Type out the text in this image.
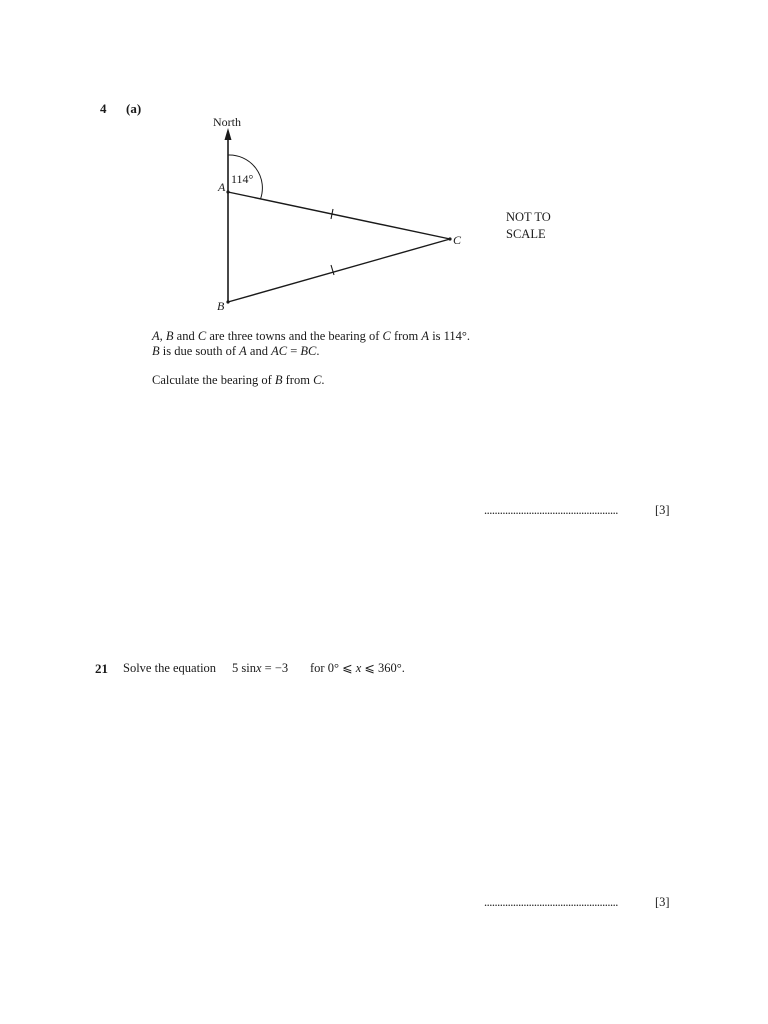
4 (a)
North
114°
A
B
C
NOT TO
SCALE
A, B and C are three towns and the bearing of C from A is 114°.
B is due south of A and AC = BC.
Calculate the bearing of B from C.
...................................................	[3]
21 Solve the equation 5 sinx = −3 for 0° ⩽ x ⩽ 360°.
...................................................	[3]
